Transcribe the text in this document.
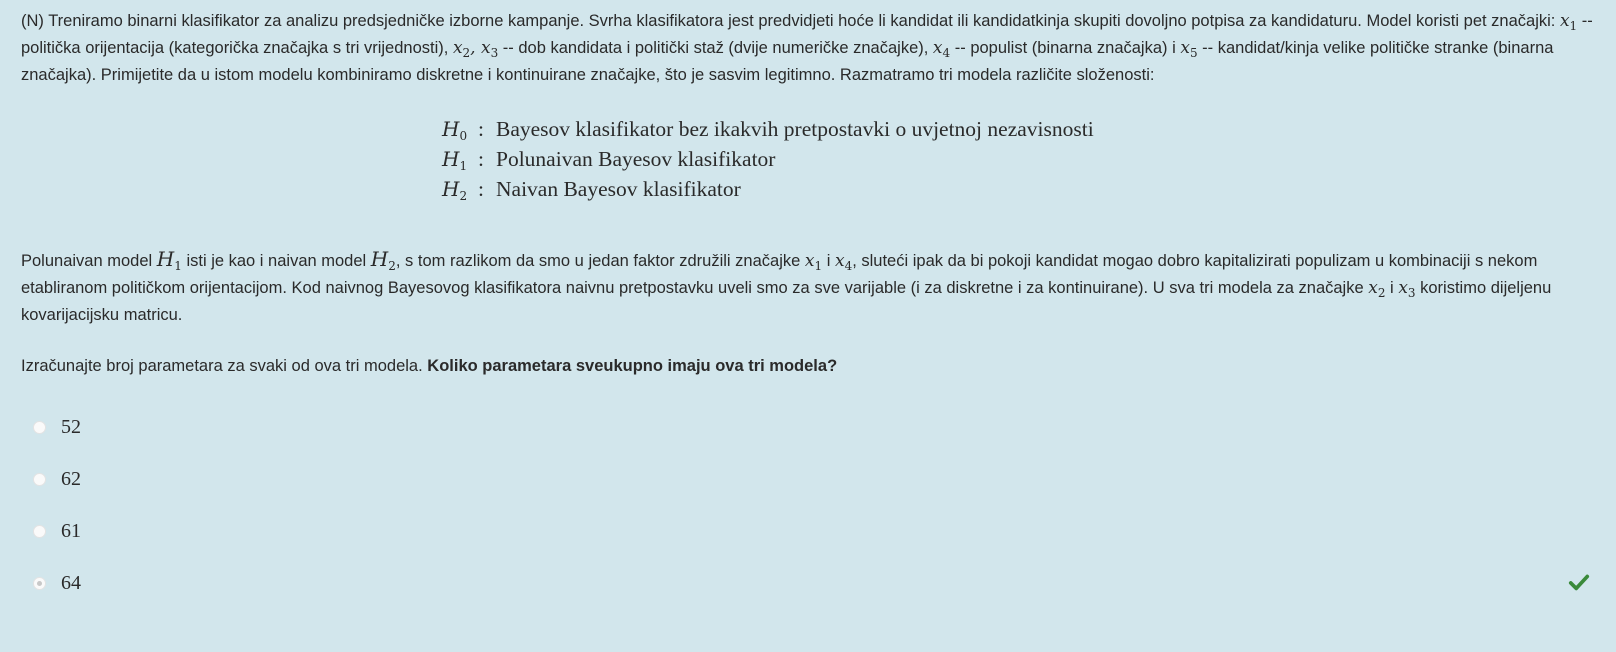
(N) Treniramo binarni klasifikator za analizu predsjedničke izborne kampanje. Svrha klasifikatora jest predvidjeti hoće li kandidat ili kandidatkinja skupiti dovoljno potpisa za kandidaturu. Model koristi pet značajki: $x_1$ -- politička orijentacija (kategorička značajka s tri vrijednosti), $x_2$, $x_3$ -- dob kandidata i politički staž (dvije numeričke značajke), $x_4$ -- populist (binarna značajka) i $x_5$ -- kandidat/kinja velike političke stranke (binarna značajka). Primijetite da u istom modelu kombiniramo diskretne i kontinuirane značajke, što je sasvim legitimno. Razmatramo tri modela različite složenosti:

$H_0$ : Bayesov klasifikator bez ikakvih pretpostavki o uvjetnoj nezavisnosti
$H_1$ : Polunaivan Bayesov klasifikator
$H_2$ : Naivan Bayesov klasifikator

Polunaivan model $H_1$ isti je kao i naivan model $H_2$, s tom razlikom da smo u jedan faktor združili značajke $x_1$ i $x_4$, sluteći ipak da bi pokoji kandidat mogao dobro kapitalizirati populizam u kombinaciji s nekom etabliranom političkom orijentacijom. Kod naivnog Bayesovog klasifikatora naivnu pretpostavku uveli smo za sve varijable (i za diskretne i za kontinuirane). U sva tri modela za značajke $x_2$ i $x_3$ koristimo dijeljenu kovarijacijsku matricu.

Izračunajte broj parametara za svaki od ova tri modela. Koliko parametara sveukupno imaju ova tri modela?

52
62
61
64
